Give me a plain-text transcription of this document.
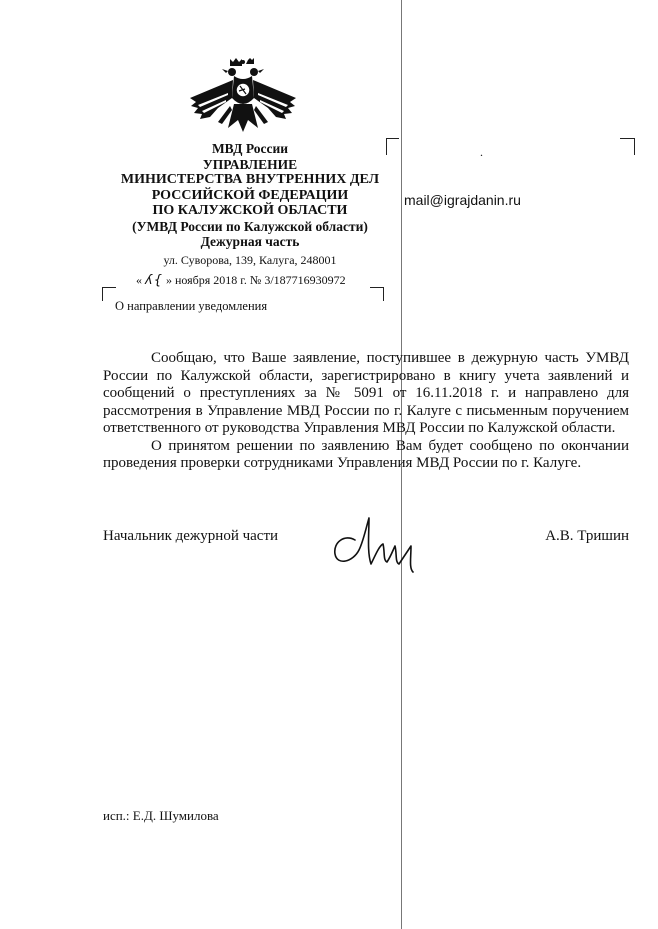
МВД России
УПРАВЛЕНИЕ
МИНИСТЕРСТВА ВНУТРЕННИХ ДЕЛ
РОССИЙСКОЙ ФЕДЕРАЦИИ
ПО КАЛУЖСКОЙ ОБЛАСТИ
(УМВД России по Калужской области)
Дежурная часть
ул. Суворова, 139, Калуга, 248001
« ʎ{ » ноября 2018 г. № 3/187716930972
О направлении уведомления
.
mail@igrajdanin.ru

Сообщаю, что Ваше заявление, поступившее в дежурную часть УМВД России по Калужской области, зарегистрировано в книгу учета заявлений и сообщений о преступлениях за № 5091 от 16.11.2018 г. и направлено для рассмотрения в Управление МВД России по г. Калуге с письменным поручением ответственного от руководства Управления МВД России по Калужской области.

О принятом решении по заявлению Вам будет сообщено по окончании проведения проверки сотрудниками Управления МВД России по г. Калуге.

Начальник дежурной части	А.В. Тришин
исп.: Е.Д. Шумилова
